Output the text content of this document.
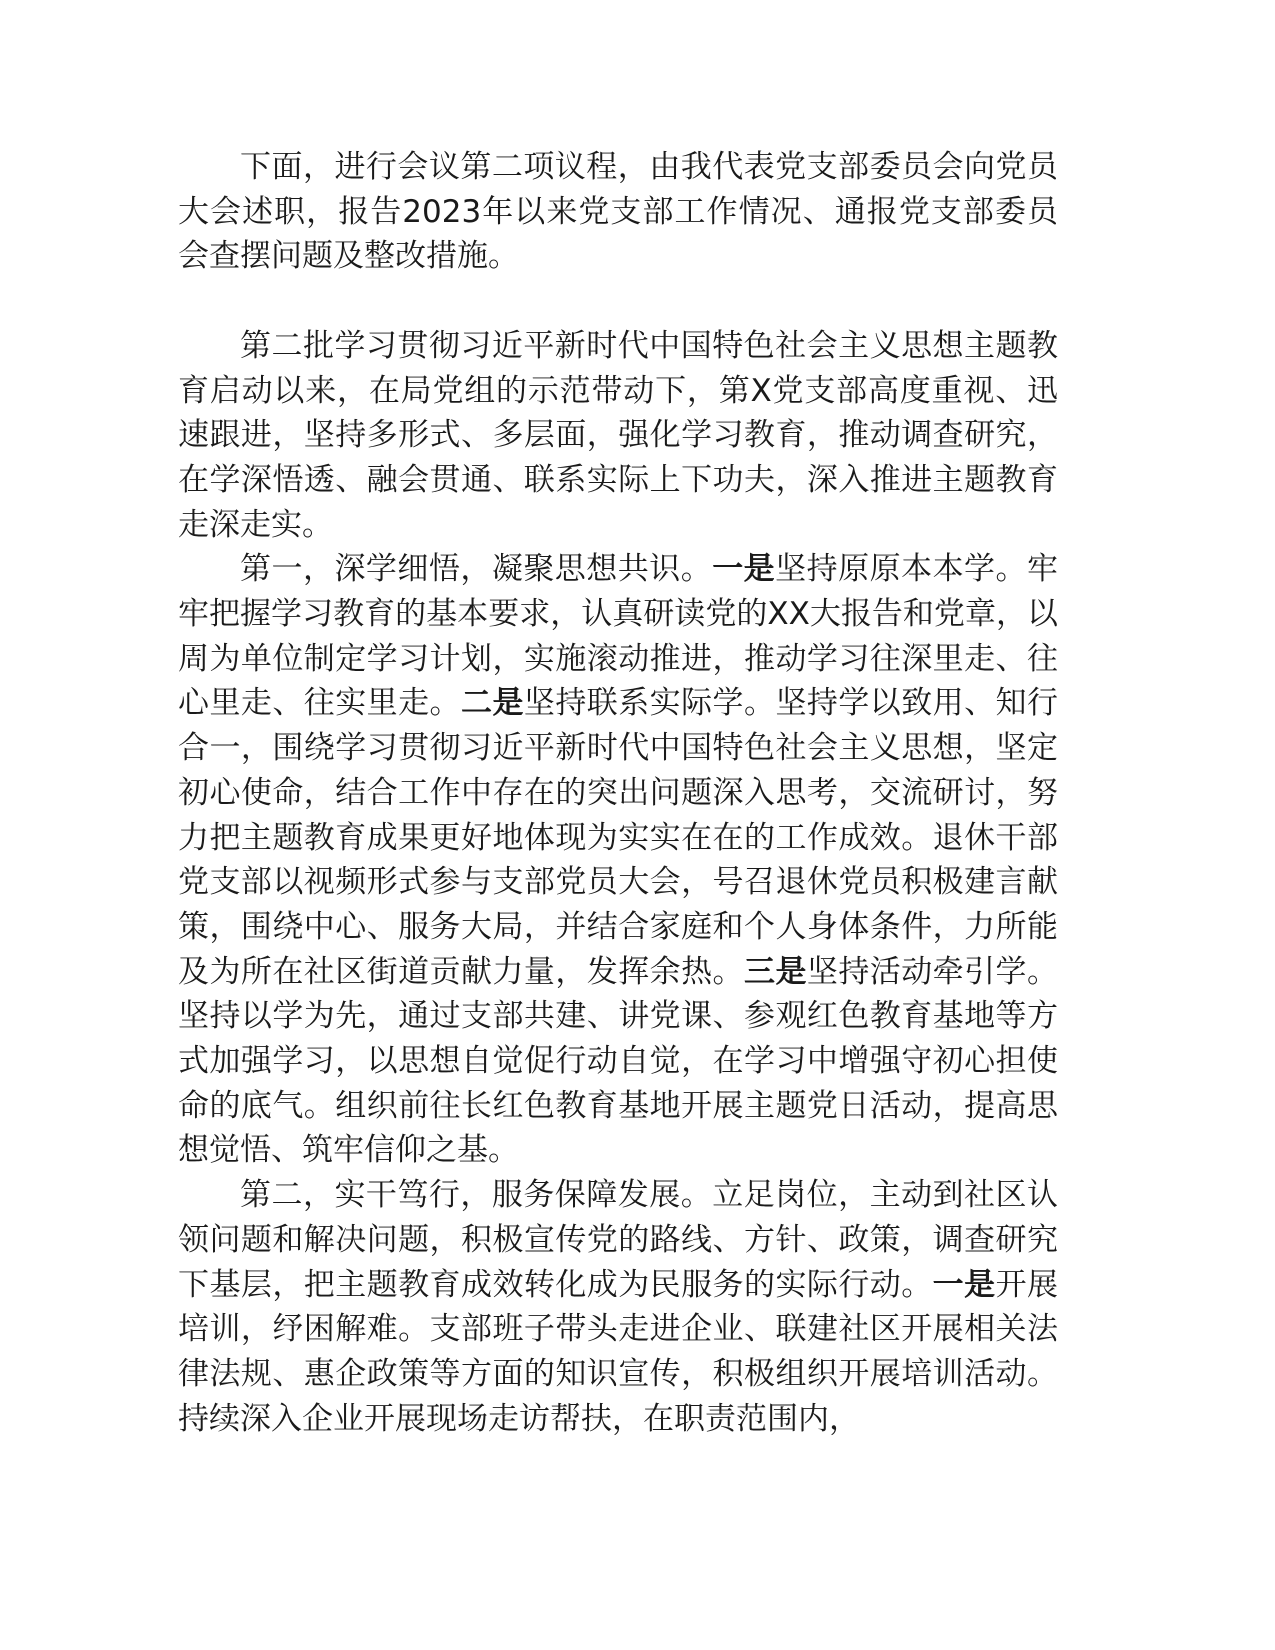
下面，进行会议第二项议程，由我代表党支部委员会向党员大会述职，报告2023年以来党支部工作情况、通报党支部委员会查摆问题及整改措施。

第二批学习贯彻习近平新时代中国特色社会主义思想主题教育启动以来，在局党组的示范带动下，第X党支部高度重视、迅速跟进，坚持多形式、多层面，强化学习教育，推动调查研究，在学深悟透、融会贯通、联系实际上下功夫，深入推进主题教育走深走实。

第一，深学细悟，凝聚思想共识。一是坚持原原本本学。牢牢把握学习教育的基本要求，认真研读党的XX大报告和党章，以周为单位制定学习计划，实施滚动推进，推动学习往深里走、往心里走、往实里走。二是坚持联系实际学。坚持学以致用、知行合一，围绕学习贯彻习近平新时代中国特色社会主义思想，坚定初心使命，结合工作中存在的突出问题深入思考，交流研讨，努力把主题教育成果更好地体现为实实在在的工作成效。退休干部党支部以视频形式参与支部党员大会，号召退休党员积极建言献策，围绕中心、服务大局，并结合家庭和个人身体条件，力所能及为所在社区街道贡献力量，发挥余热。三是坚持活动牵引学。坚持以学为先，通过支部共建、讲党课、参观红色教育基地等方式加强学习，以思想自觉促行动自觉，在学习中增强守初心担使命的底气。组织前往长红色教育基地开展主题党日活动，提高思想觉悟、筑牢信仰之基。

第二，实干笃行，服务保障发展。立足岗位，主动到社区认领问题和解决问题，积极宣传党的路线、方针、政策，调查研究下基层，把主题教育成效转化成为民服务的实际行动。一是开展培训，纾困解难。支部班子带头走进企业、联建社区开展相关法律法规、惠企政策等方面的知识宣传，积极组织开展培训活动。持续深入企业开展现场走访帮扶，在职责范围内，
